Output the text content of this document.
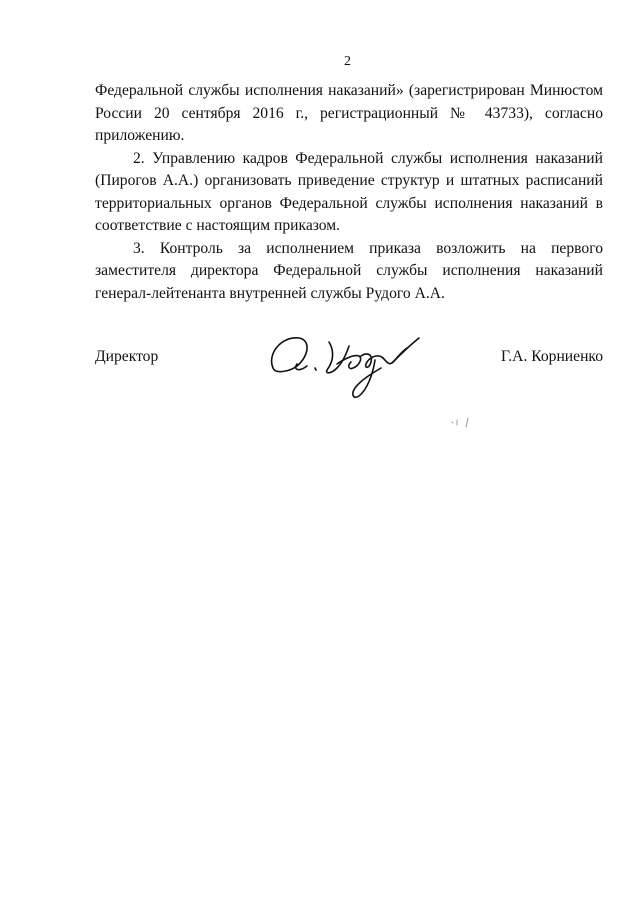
2

Федеральной службы исполнения наказаний» (зарегистрирован Минюстом России 20 сентября 2016 г., регистрационный № 43733), согласно приложению.

2. Управлению кадров Федеральной службы исполнения наказаний (Пирогов А.А.) организовать приведение структур и штатных расписаний территориальных органов Федеральной службы исполнения наказаний в соответствие с настоящим приказом.

3. Контроль за исполнением приказа возложить на первого заместителя директора Федеральной службы исполнения наказаний генерал-лейтенанта внутренней службы Рудого А.А.

Директор	Г.А. Корниенко
